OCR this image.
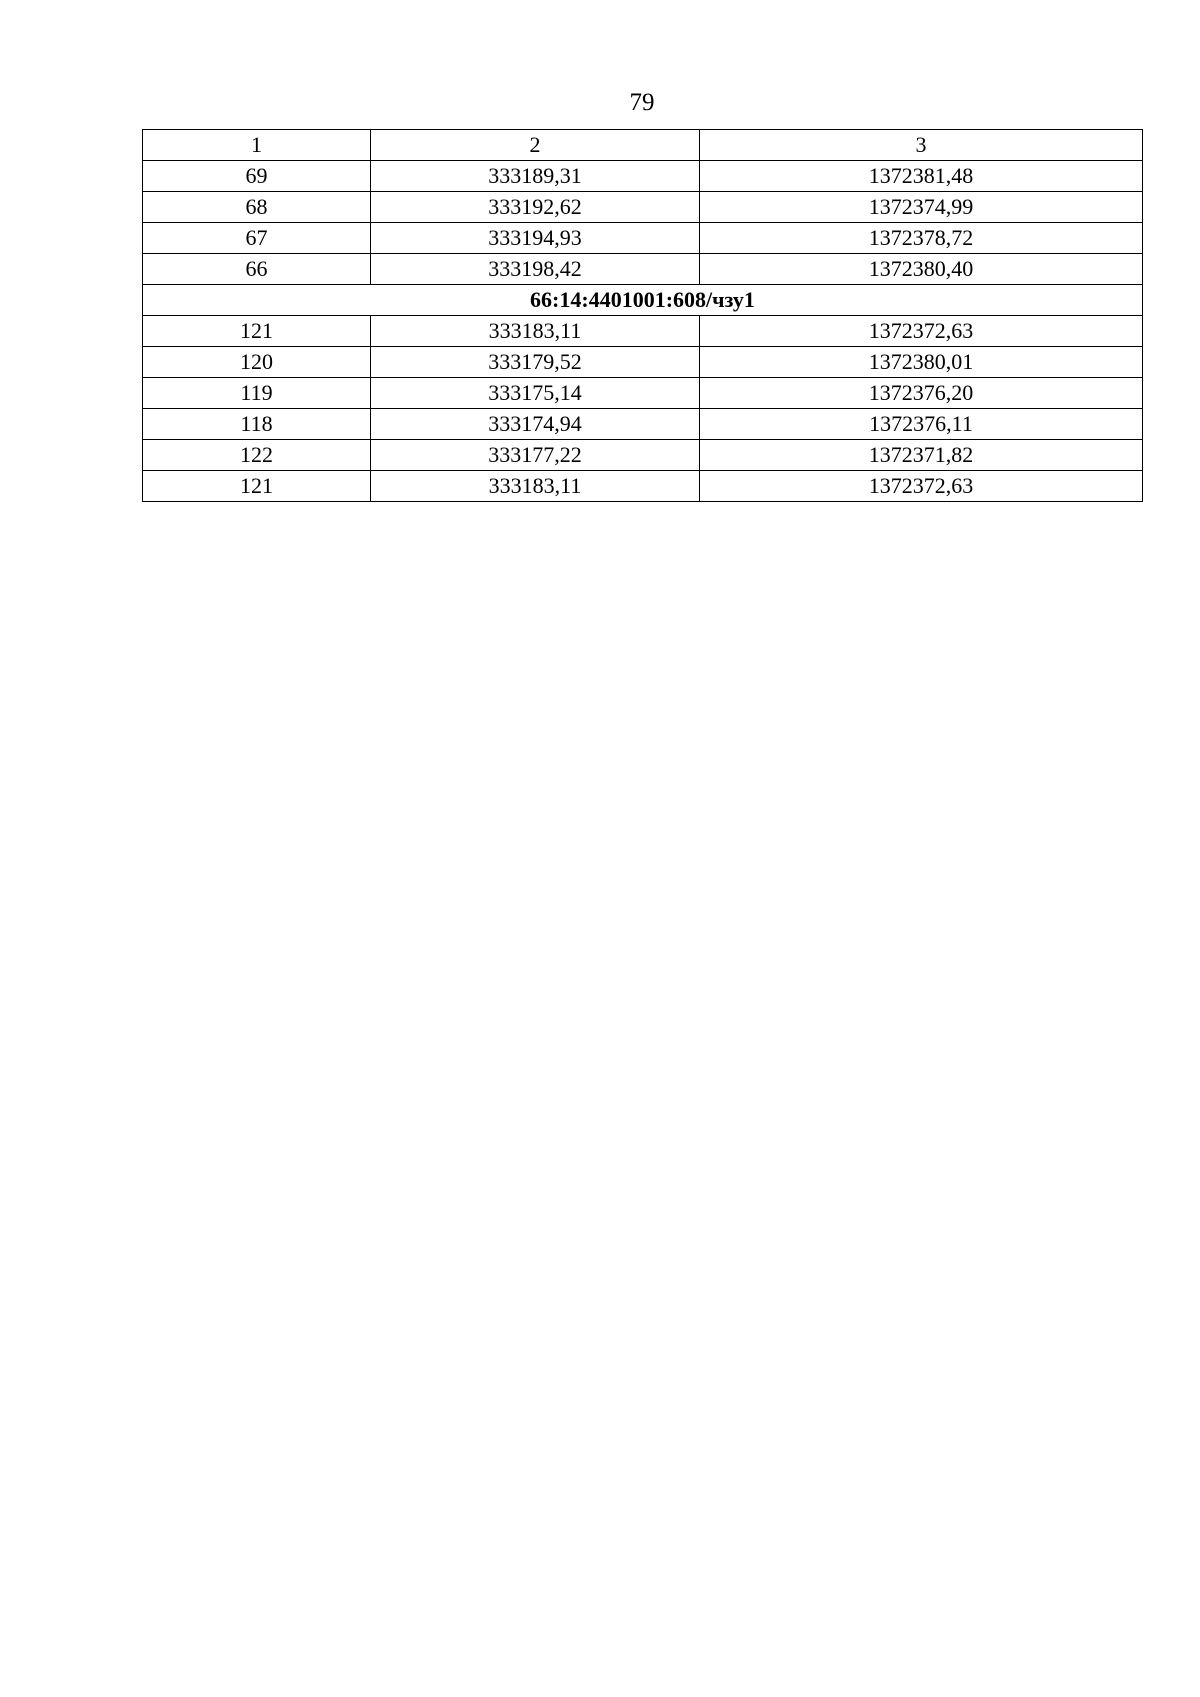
79
1	2	3
69	333189,31	1372381,48
68	333192,62	1372374,99
67	333194,93	1372378,72
66	333198,42	1372380,40
66:14:4401001:608/чзу1		
121	333183,11	1372372,63
120	333179,52	1372380,01
119	333175,14	1372376,20
118	333174,94	1372376,11
122	333177,22	1372371,82
121	333183,11	1372372,63
